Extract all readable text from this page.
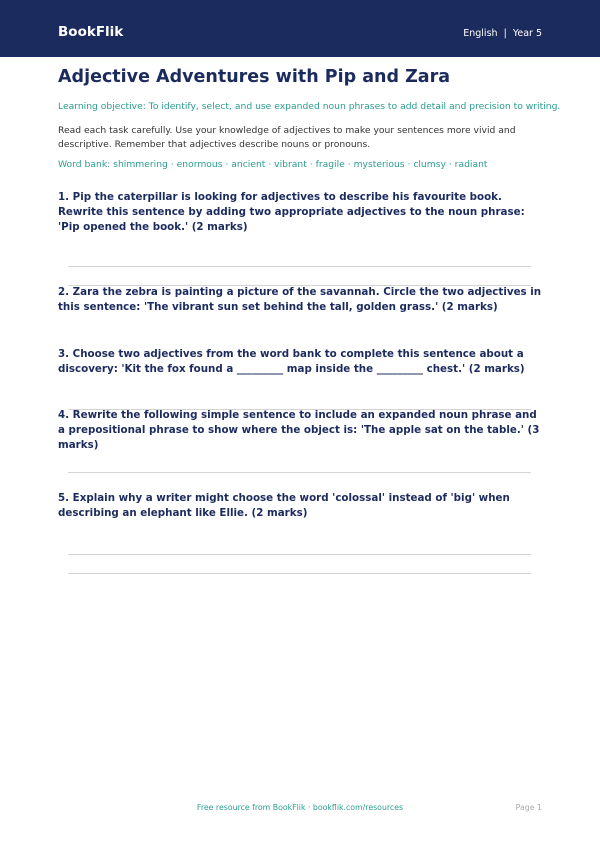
BookFlik	English  |  Year 5
Adjective Adventures with Pip and Zara
Learning objective: To identify, select, and use expanded noun phrases to add detail and precision to writing.
Read each task carefully. Use your knowledge of adjectives to make your sentences more vivid and descriptive. Remember that adjectives describe nouns or pronouns.
Word bank: shimmering · enormous · ancient · vibrant · fragile · mysterious · clumsy · radiant
1. Pip the caterpillar is looking for adjectives to describe his favourite book. Rewrite this sentence by adding two appropriate adjectives to the noun phrase: 'Pip opened the book.' (2 marks)
2. Zara the zebra is painting a picture of the savannah. Circle the two adjectives in this sentence: 'The vibrant sun set behind the tall, golden grass.' (2 marks)
3. Choose two adjectives from the word bank to complete this sentence about a discovery: 'Kit the fox found a _________ map inside the _________ chest.' (2 marks)
4. Rewrite the following simple sentence to include an expanded noun phrase and a prepositional phrase to show where the object is: 'The apple sat on the table.' (3 marks)
5. Explain why a writer might choose the word 'colossal' instead of 'big' when describing an elephant like Ellie. (2 marks)
Free resource from BookFlik · bookflik.com/resources	Page 1
